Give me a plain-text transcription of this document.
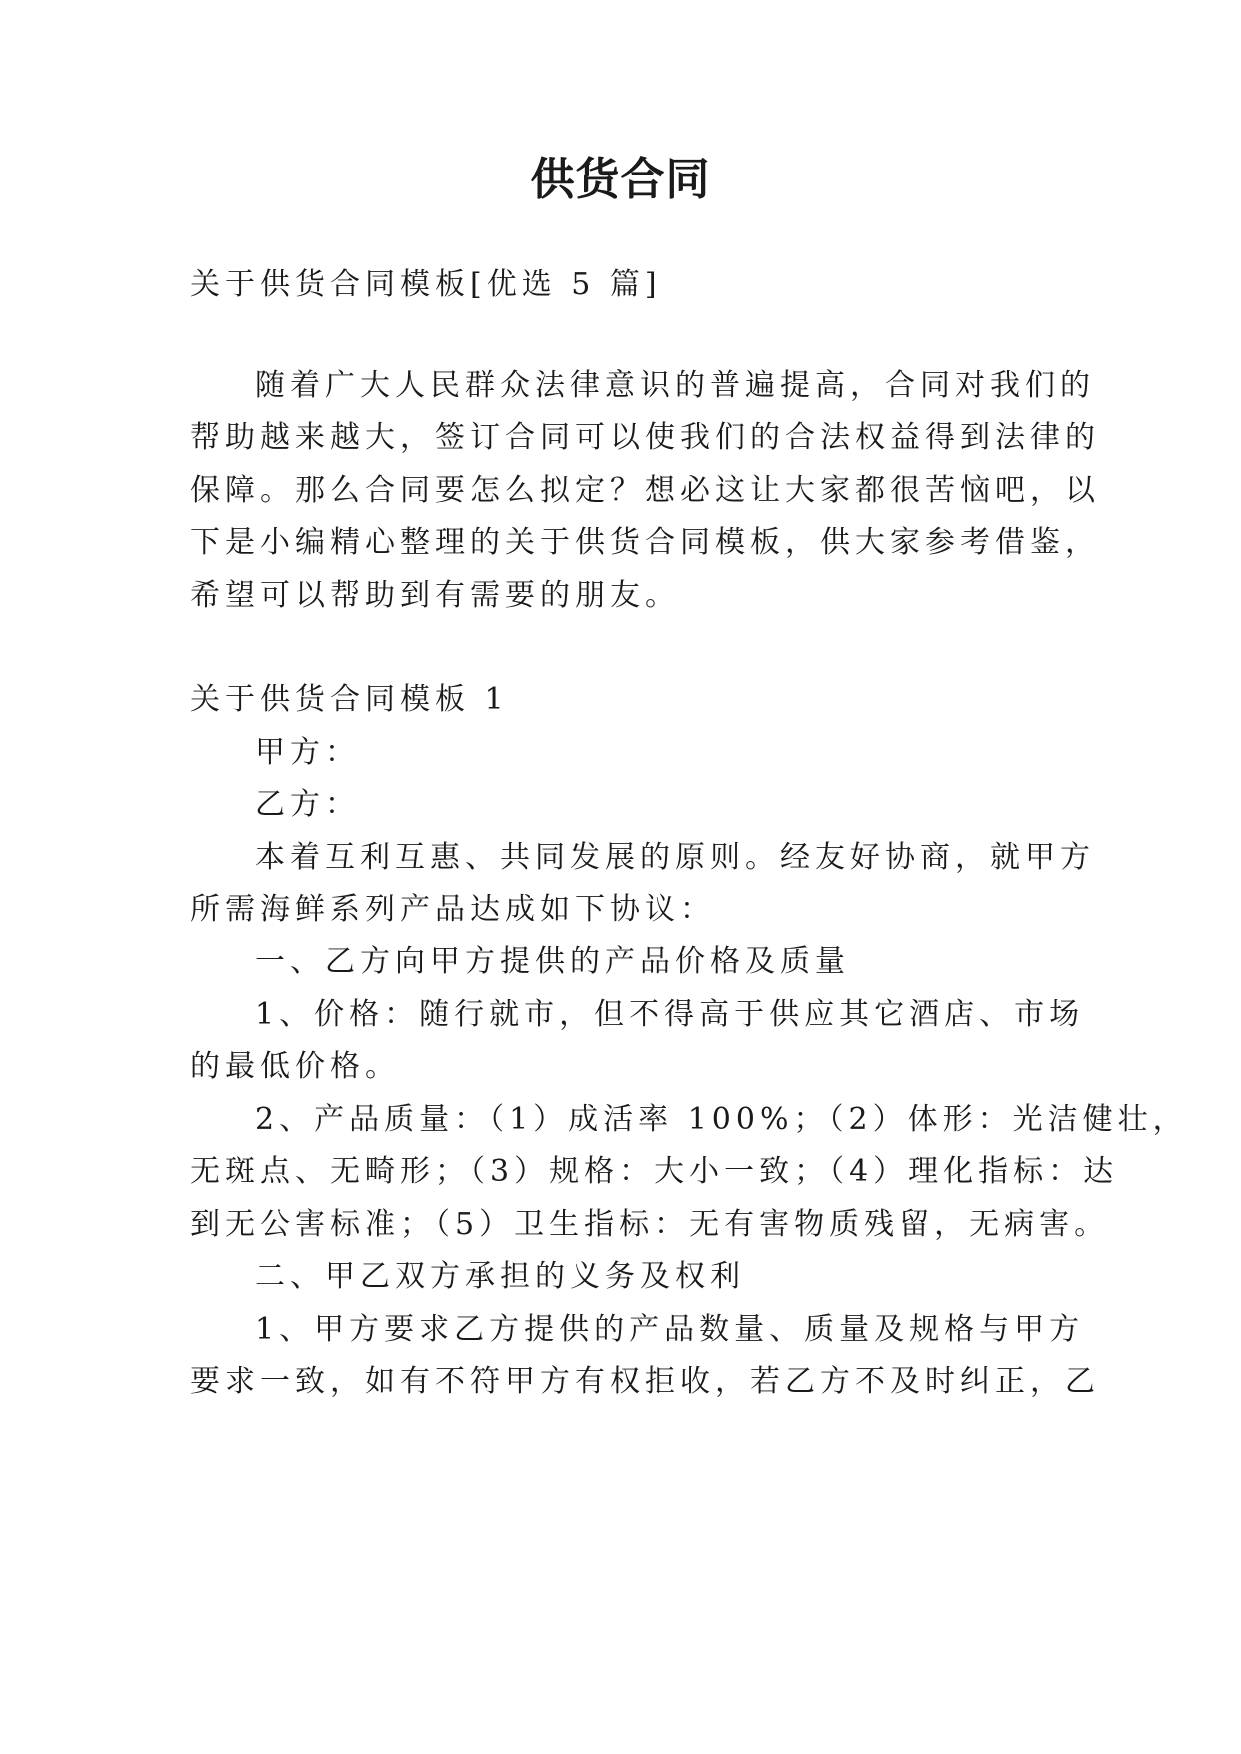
供货合同

关于供货合同模板[优选 5 篇]

随着广大人民群众法律意识的普遍提高，合同对我们的

帮助越来越大，签订合同可以使我们的合法权益得到法律的

保障。那么合同要怎么拟定？想必这让大家都很苦恼吧，以

下是小编精心整理的关于供货合同模板，供大家参考借鉴，

希望可以帮助到有需要的朋友。

关于供货合同模板 1

甲方：

乙方：

本着互利互惠、共同发展的原则。经友好协商，就甲方

所需海鲜系列产品达成如下协议：

一、乙方向甲方提供的产品价格及质量

1、价格：随行就市，但不得高于供应其它酒店、市场

的最低价格。

2、产品质量：（1）成活率 100%；（2）体形：光洁健壮，

无斑点、无畸形；（3）规格：大小一致；（4）理化指标：达

到无公害标准；（5）卫生指标：无有害物质残留，无病害。

二、甲乙双方承担的义务及权利

1、甲方要求乙方提供的产品数量、质量及规格与甲方

要求一致，如有不符甲方有权拒收，若乙方不及时纠正，乙
